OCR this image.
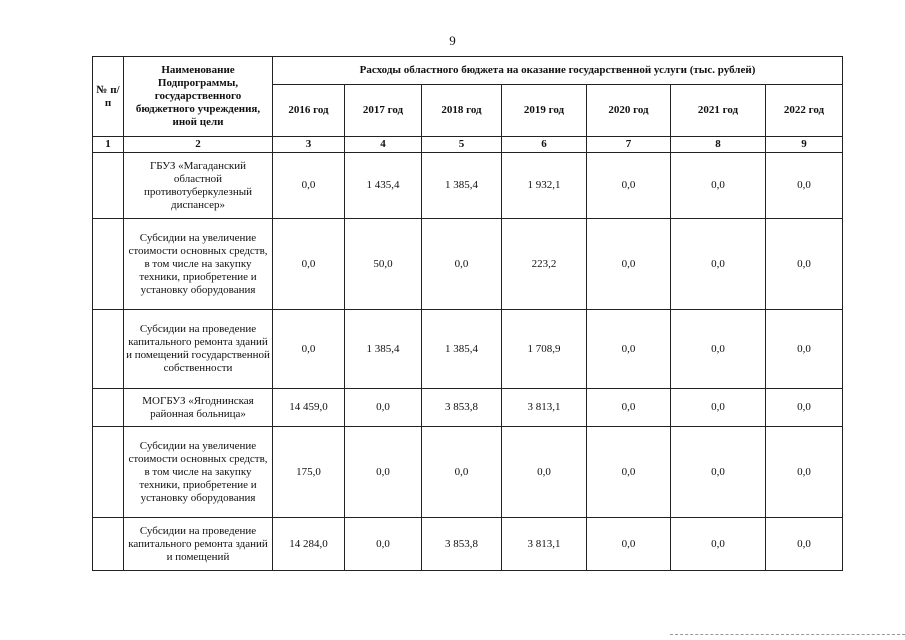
9
№ п/п	Наименование Подпрограммы, государственного бюджетного учреждения, иной цели	Расходы областного бюджета на оказание государственной услуги (тыс. рублей)						
		2016 год	2017 год	2018 год	2019 год	2020 год	2021 год	2022 год
1	2	3	4	5	6	7	8	9
	ГБУЗ «Магаданский областной противотуберкулезный диспансер»	0,0	1 435,4	1 385,4	1 932,1	0,0	0,0	0,0
	Субсидии на увеличение стоимости основных средств, в том числе на закупку техники, приобретение и установку оборудования	0,0	50,0	0,0	223,2	0,0	0,0	0,0
	Субсидии на проведение капитального ремонта зданий и помещений государственной собственности	0,0	1 385,4	1 385,4	1 708,9	0,0	0,0	0,0
	МОГБУЗ «Ягоднинская районная больница»	14 459,0	0,0	3 853,8	3 813,1	0,0	0,0	0,0
	Субсидии на увеличение стоимости основных средств, в том числе на закупку техники, приобретение и установку оборудования	175,0	0,0	0,0	0,0	0,0	0,0	0,0
	Субсидии на проведение капитального ремонта зданий и помещений	14 284,0	0,0	3 853,8	3 813,1	0,0	0,0	0,0
